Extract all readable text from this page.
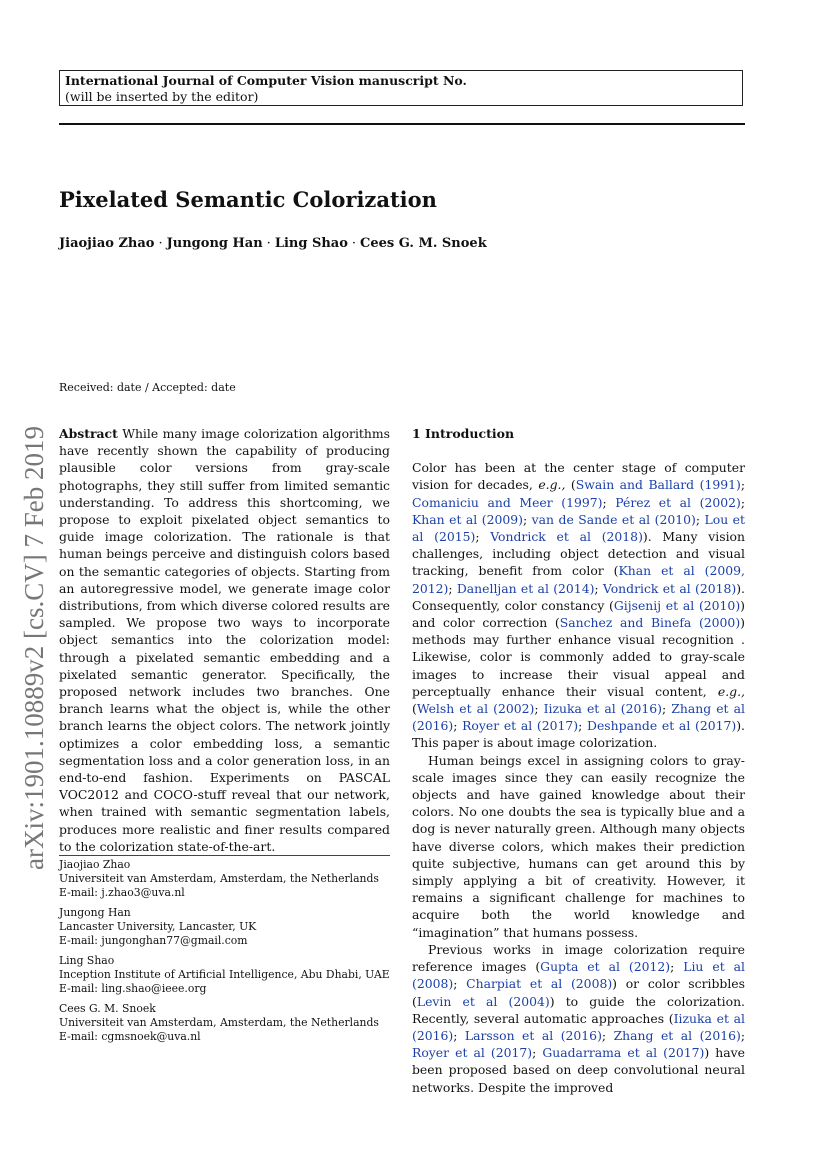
International Journal of Computer Vision manuscript No.
(will be inserted by the editor)
Pixelated Semantic Colorization
Jiaojiao Zhao · Jungong Han · Ling Shao · Cees G. M. Snoek
arXiv:1901.10889v2 [cs.CV] 7 Feb 2019
Received: date / Accepted: date
Abstract While many image colorization algorithms have recently shown the capability of producing plausible color versions from gray-scale photographs, they still suffer from limited semantic understanding. To address this shortcoming, we propose to exploit pixelated object semantics to guide image colorization. The rationale is that human beings perceive and distinguish colors based on the semantic categories of objects. Starting from an autoregressive model, we generate image color distributions, from which diverse colored results are sampled. We propose two ways to incorporate object semantics into the colorization model: through a pixelated semantic embedding and a pixelated semantic generator. Specifically, the proposed network includes two branches. One branch learns what the object is, while the other branch learns the object colors. The network jointly optimizes a color embedding loss, a semantic segmentation loss and a color generation loss, in an end-to-end fashion. Experiments on PASCAL VOC2012 and COCO-stuff reveal that our network, when trained with semantic segmentation labels, produces more realistic and finer results compared to the colorization state-of-the-art.
Jiaojiao Zhao
Universiteit van Amsterdam, Amsterdam, the Netherlands
E-mail: j.zhao3@uva.nl
Jungong Han
Lancaster University, Lancaster, UK
E-mail: jungonghan77@gmail.com
Ling Shao
Inception Institute of Artificial Intelligence, Abu Dhabi, UAE
E-mail: ling.shao@ieee.org
Cees G. M. Snoek
Universiteit van Amsterdam, Amsterdam, the Netherlands
E-mail: cgmsnoek@uva.nl
1 Introduction

Color has been at the center stage of computer vision for decades, e.g., (Swain and Ballard (1991); Comaniciu and Meer (1997); Pérez et al (2002); Khan et al (2009); van de Sande et al (2010); Lou et al (2015); Vondrick et al (2018)). Many vision challenges, including object detection and visual tracking, benefit from color (Khan et al (2009, 2012); Danelljan et al (2014); Vondrick et al (2018)). Consequently, color constancy (Gijsenij et al (2010)) and color correction (Sanchez and Binefa (2000)) methods may further enhance visual recognition . Likewise, color is commonly added to gray-scale images to increase their visual appeal and perceptually enhance their visual content, e.g., (Welsh et al (2002); Iizuka et al (2016); Zhang et al (2016); Royer et al (2017); Deshpande et al (2017)). This paper is about image colorization.

Human beings excel in assigning colors to gray-scale images since they can easily recognize the objects and have gained knowledge about their colors. No one doubts the sea is typically blue and a dog is never naturally green. Although many objects have diverse colors, which makes their prediction quite subjective, humans can get around this by simply applying a bit of creativity. However, it remains a significant challenge for machines to acquire both the world knowledge and “imagination” that humans possess.

Previous works in image colorization require reference images (Gupta et al (2012); Liu et al (2008); Charpiat et al (2008)) or color scribbles (Levin et al (2004)) to guide the colorization. Recently, several automatic approaches (Iizuka et al (2016); Larsson et al (2016); Zhang et al (2016); Royer et al (2017); Guadarrama et al (2017)) have been proposed based on deep convolutional neural networks. Despite the improved
